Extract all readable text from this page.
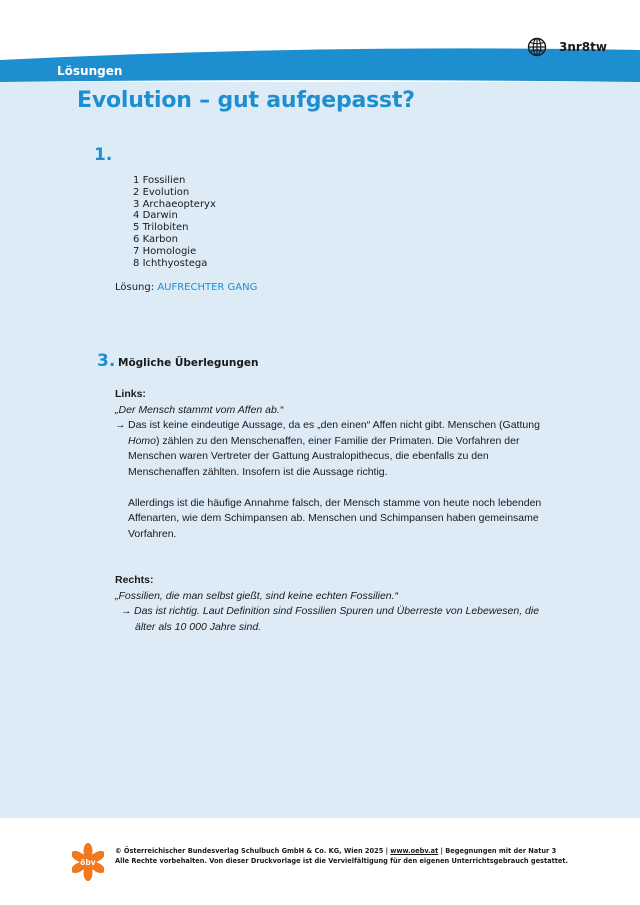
Lösungen
3nr8tw
Evolution – gut aufgepasst?
1.
1 Fossilien
2 Evolution
3 Archaeopteryx
4 Darwin
5 Trilobiten
6 Karbon
7 Homologie
8 Ichthyostega
Lösung: AUFRECHTER GANG
3. Mögliche Überlegungen
Links:
„Der Mensch stammt vom Affen ab.“
→ Das ist keine eindeutige Aussage, da es „den einen“ Affen nicht gibt. Menschen (Gattung
Homo) zählen zu den Menschenaffen, einer Familie der Primaten. Die Vorfahren der
Menschen waren Vertreter der Gattung Australopithecus, die ebenfalls zu den
Menschenaffen zählten. Insofern ist die Aussage richtig.
Allerdings ist die häufige Annahme falsch, der Mensch stamme von heute noch lebenden
Affenarten, wie dem Schimpansen ab. Menschen und Schimpansen haben gemeinsame
Vorfahren.
Rechts:
„Fossilien, die man selbst gießt, sind keine echten Fossilien.“
→ Das ist richtig. Laut Definition sind Fossilien Spuren und Überreste von Lebewesen, die
älter als 10 000 Jahre sind.
öbv
© Österreichischer Bundesverlag Schulbuch GmbH & Co. KG, Wien 2025 | www.oebv.at | Begegnungen mit der Natur 3
Alle Rechte vorbehalten. Von dieser Druckvorlage ist die Vervielfältigung für den eigenen Unterrichtsgebrauch gestattet.
